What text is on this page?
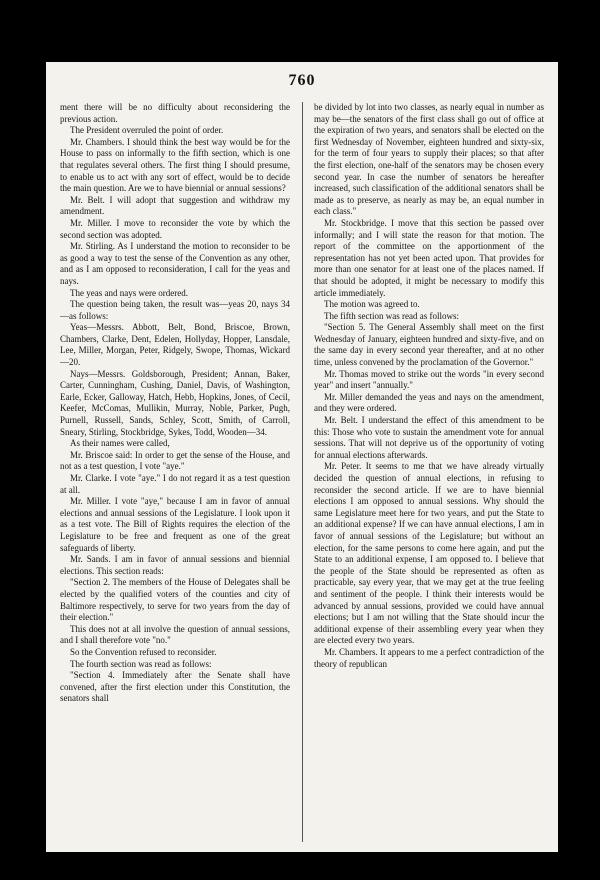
760

ment there will be no difficulty about reconsidering the previous action.

The President overruled the point of order.

Mr. Chambers. I should think the best way would be for the House to pass on informally to the fifth section, which is one that regulates several others. The first thing I should presume, to enable us to act with any sort of effect, would be to decide the main question. Are we to have biennial or annual sessions?

Mr. Belt. I will adopt that suggestion and withdraw my amendment.

Mr. Miller. I move to reconsider the vote by which the second section was adopted.

Mr. Stirling. As I understand the motion to reconsider to be as good a way to test the sense of the Convention as any other, and as I am opposed to reconsideration, I call for the yeas and nays.

The yeas and nays were ordered.

The question being taken, the result was—yeas 20, nays 34—as follows:

Yeas—Messrs. Abbott, Belt, Bond, Briscoe, Brown, Chambers, Clarke, Dent, Edelen, Hollyday, Hopper, Lansdale, Lee, Miller, Morgan, Peter, Ridgely, Swope, Thomas, Wickard—20.

Nays—Messrs. Goldsborough, President; Annan, Baker, Carter, Cunningham, Cushing, Daniel, Davis, of Washington, Earle, Ecker, Galloway, Hatch, Hebb, Hopkins, Jones, of Cecil, Keefer, McComas, Mullikin, Murray, Noble, Parker, Pugh, Purnell, Russell, Sands, Schley, Scott, Smith, of Carroll, Sneary, Stirling, Stockbridge, Sykes, Todd, Wooden—34.

As their names were called,

Mr. Briscoe said: In order to get the sense of the House, and not as a test question, I vote "aye."

Mr. Clarke. I vote "aye." I do not regard it as a test question at all.

Mr. Miller. I vote "aye," because I am in favor of annual elections and annual sessions of the Legislature. I look upon it as a test vote. The Bill of Rights requires the election of the Legislature to be free and frequent as one of the great safeguards of liberty.

Mr. Sands. I am in favor of annual sessions and biennial elections. This section reads:

"Section 2. The members of the House of Delegates shall be elected by the qualified voters of the counties and city of Baltimore respectively, to serve for two years from the day of their election."

This does not at all involve the question of annual sessions, and I shall therefore vote "no."

So the Convention refused to reconsider.

The fourth section was read as follows:

"Section 4. Immediately after the Senate shall have convened, after the first election under this Constitution, the senators shall

be divided by lot into two classes, as nearly equal in number as may be—the senators of the first class shall go out of office at the expiration of two years, and senators shall be elected on the first Wednesday of November, eighteen hundred and sixty-six, for the term of four years to supply their places; so that after the first election, one-half of the senators may be chosen every second year. In case the number of senators be hereafter increased, such classification of the additional senators shall be made as to preserve, as nearly as may be, an equal number in each class."

Mr. Stockbridge. I move that this section be passed over informally; and I will state the reason for that motion. The report of the committee on the apportionment of the representation has not yet been acted upon. That provides for more than one senator for at least one of the places named. If that should be adopted, it might be necessary to modify this article immediately.

The motion was agreed to.

The fifth section was read as follows:

"Section 5. The General Assembly shall meet on the first Wednesday of January, eighteen hundred and sixty-five, and on the same day in every second year thereafter, and at no other time, unless convened by the proclamation of the Governor."

Mr. Thomas moved to strike out the words "in every second year" and insert "annually."

Mr. Miller demanded the yeas and nays on the amendment, and they were ordered.

Mr. Belt. I understand the effect of this amendment to be this: Those who vote to sustain the amendment vote for annual sessions. That will not deprive us of the opportunity of voting for annual elections afterwards.

Mr. Peter. It seems to me that we have already virtually decided the question of annual elections, in refusing to reconsider the second article. If we are to have biennial elections I am opposed to annual sessions. Why should the same Legislature meet here for two years, and put the State to an additional expense? If we can have annual elections, I am in favor of annual sessions of the Legislature; but without an election, for the same persons to come here again, and put the State to an additional expense, I am opposed to. I believe that the people of the State should be represented as often as practicable, say every year, that we may get at the true feeling and sentiment of the people. I think their interests would be advanced by annual sessions, provided we could have annual elections; but I am not willing that the State should incur the additional expense of their assembling every year when they are elected every two years.

Mr. Chambers. It appears to me a perfect contradiction of the theory of republican
